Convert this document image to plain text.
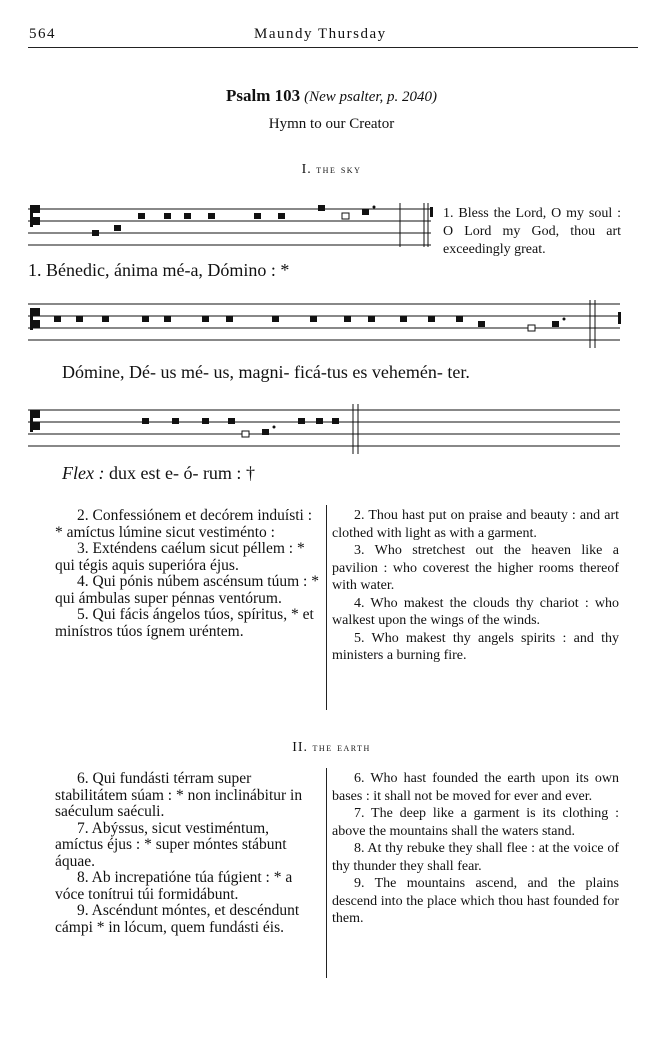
564	Maundy Thursday
Psalm 103 (New psalter, p. 2040)
Hymn to our Creator
I. the sky
1. Bénedic, ánima mé-a, Dómino : *
1. Bless the Lord, O my soul : O Lord my God, thou art exceedingly great.
Dómine, Dé- us mé- us, magni- ficá-tus es vehemén- ter.
Flex : dux est e- ó- rum : †

2. Confessiónem et decórem induísti : * amíctus lúmine sicut vestiménto :

3. Exténdens caélum sicut péllem : * qui tégis aquis superióra éjus.

4. Qui pónis núbem ascénsum túum : * qui ámbulas super pénnas ventórum.

5. Qui fácis ángelos túos, spíritus, * et minístros túos ígnem uréntem.

2. Thou hast put on praise and beauty : and art clothed with light as with a garment.

3. Who stretchest out the heaven like a pavilion : who coverest the higher rooms thereof with water.

4. Who makest the clouds thy chariot : who walkest upon the wings of the winds.

5. Who makest thy angels spirits : and thy ministers a burning fire.

II. the earth

6. Qui fundásti térram super stabilitátem súam : * non inclinábitur in saéculum saéculi.

7. Abýssus, sicut vestiméntum, amíctus éjus : * super móntes stábunt áquae.

8. Ab increpatióne túa fúgient : * a vóce tonítrui túi formidábunt.

9. Ascéndunt móntes, et descéndunt cámpi * in lócum, quem fundásti éis.

6. Who hast founded the earth upon its own bases : it shall not be moved for ever and ever.

7. The deep like a garment is its clothing : above the mountains shall the waters stand.

8. At thy rebuke they shall flee : at the voice of thy thunder they shall fear.

9. The mountains ascend, and the plains descend into the place which thou hast founded for them.
